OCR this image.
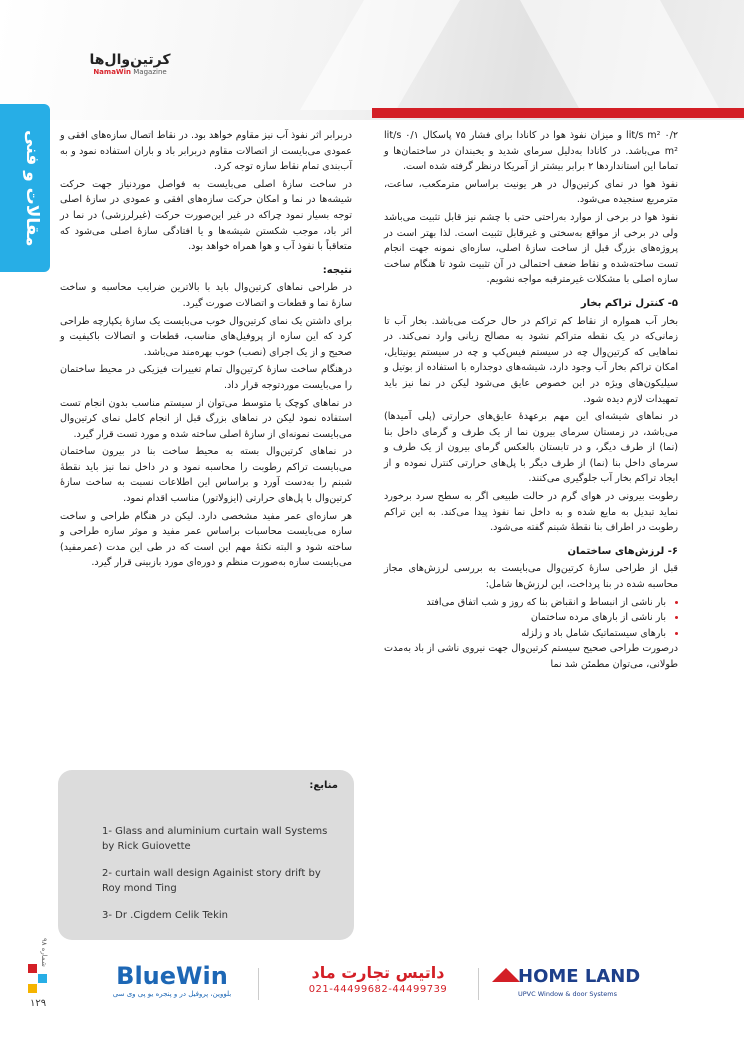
کرتین‌وال‌ها
NamaWin Magazine
مقالات و فنی	۰/۲ lit/s m² و میزان نفوذ هوا در کانادا برای فشار ۷۵ پاسکال ۰/۱ lit/s m² می‌باشد. در کانادا به‌دلیل سرمای شدید و یخبندان در ساختمان‌ها و تماما این استانداردها ۲ برابر بیشتر از آمریکا درنظر گرفته شده است.

نفوذ هوا در نمای کرتین‌وال در هر یونیت براساس مترمکعب، ساعت، مترمربع سنجیده می‌شود.

نفوذ هوا در برخی از موارد به‌راحتی حتی با چشم نیز قابل تثبیت می‌باشد ولی در برخی از مواقع به‌سختی و غیرقابل تثبیت است. لذا بهتر است در پروژه‌های بزرگ قبل از ساخت سازهٔ اصلی، سازه‌ای نمونه جهت انجام تست ساخته‌شده و نقاط ضعف احتمالی در آن تثبیت شود تا هنگام ساخت سازه اصلی با مشکلات غیرمترقبه مواجه نشویم.

۵- کنترل تراکم بخار

بخار آب همواره از نقاط کم تراکم در حال حرکت می‌باشد. بخار آب تا زمانی‌که در یک نقطه متراکم نشود به مصالح زیانی وارد نمی‌کند. در نماهایی که کرتین‌وال چه در سیستم فیس‌کپ و چه در سیستم یونیتایل، امکان تراکم بخار آب وجود دارد، شیشه‌های دوجداره با استفاده از بوتیل و سیلیکون‌های ویژه در این خصوص عایق می‌شود لیکن در نما نیز باید تمهیدات لازم دیده شود.

در نماهای شیشه‌ای این مهم برعهدهٔ عایق‌های حرارتی (پلی آمیدها) می‌باشد، در زمستان سرمای بیرون نما از یک طرف و گرمای داخل بنا (نما) از طرف دیگر، و در تابستان بالعکس گرمای بیرون از یک طرف و سرمای داخل بنا (نما) از طرف دیگر با پل‌های حرارتی کنترل نموده و از ایجاد تراکم بخار آب جلوگیری می‌کنند.

رطوبت بیرونی در هوای گرم در حالت طبیعی اگر به سطح سرد برخورد نماید تبدیل به مایع شده و به داخل نما نفوذ پیدا می‌کند. به این تراکم رطوبت در اطراف بنا نقطهٔ شبنم گفته می‌شود.

۶- لرزش‌های ساختمان

قبل از طراحی سازهٔ کرتین‌وال می‌بایست به بررسی لرزش‌های مجاز محاسبه شده در بنا پرداخت، این لرزش‌ها شامل:

• بار ناشی از انبساط و انقباض بنا که روز و شب اتفاق می‌افتد
• بار ناشی از بارهای مرده ساختمان
• بارهای سیستماتیک شامل باد و زلزله

درصورت طراحی صحیح سیستم کرتین‌وال جهت نیروی ناشی از باد به‌مدت طولانی، می‌توان مطمئن شد نما

دربرابر اثر نفوذ آب نیز مقاوم خواهد بود. در نقاط اتصال سازه‌های افقی و عمودی می‌بایست از اتصالات مقاوم دربرابر باد و باران استفاده نمود و به آب‌بندی تمام نقاط سازه توجه کرد.

در ساخت سازهٔ اصلی می‌بایست به فواصل موردنیاز جهت حرکت شیشه‌ها در نما و امکان حرکت سازه‌های افقی و عمودی در سازهٔ اصلی توجه بسیار نمود چراکه در غیر این‌صورت حرکت (غیرلرزشی) در نما در اثر باد، موجب شکستن شیشه‌ها و یا افتادگی سازهٔ اصلی می‌شود که متعاقباً با نفوذ آب و هوا همراه خواهد بود.

نتیجه:

در طراحی نماهای کرتین‌وال باید با بالاترین ضرایب محاسبه و ساخت سازهٔ نما و قطعات و اتصالات صورت گیرد.

برای داشتن یک نمای کرتین‌وال خوب می‌بایست یک سازهٔ یکپارچه طراحی کرد که این سازه از پروفیل‌های مناسب، قطعات و اتصالات باکیفیت و صحیح و از یک اجرای (نصب) خوب بهره‌مند می‌باشد.

درهنگام ساخت سازهٔ کرتین‌وال تمام تغییرات فیزیکی در محیط ساختمان را می‌بایست موردتوجه قرار داد.

در نماهای کوچک یا متوسط می‌توان از سیستم مناسب بدون انجام تست استفاده نمود لیکن در نماهای بزرگ قبل از انجام کامل نمای کرتین‌وال می‌بایست نمونه‌ای از سازهٔ اصلی ساخته شده و مورد تست قرار گیرد.

در نماهای کرتین‌وال بسته به محیط ساخت بنا در بیرون ساختمان می‌بایست تراکم رطوبت را محاسبه نمود و در داخل نما نیز باید نقطهٔ شبنم را به‌دست آورد و براساس این اطلاعات نسبت به ساخت سازهٔ کرتین‌وال با پل‌های حرارتی (ایزولاتور) مناسب اقدام نمود.

هر سازه‌ای عمر مفید مشخصی دارد. لیکن در هنگام طراحی و ساخت سازه می‌بایست محاسبات براساس عمر مفید و موثر سازه طراحی و ساخته شود و البته نکتهٔ مهم این است که در طی این مدت (عمرمفید) می‌بایست سازه به‌صورت منظم و دوره‌ای مورد بازبینی قرار گیرد.

منابع:
1- Glass and aluminium curtain wall Systems by Rick Guiovette
2- curtain wall design Againist story drift by Roy mond Ting
3- Dr .Cigdem Celik Tekin
شماره ۹۸
۱۲۹
BlueWin
بلووین، پروفیل در و پنجره یو پی وی سی
داتیس تجارت ماد
021-44499682-44499739
HOME LAND
UPVC Window & door Systems
